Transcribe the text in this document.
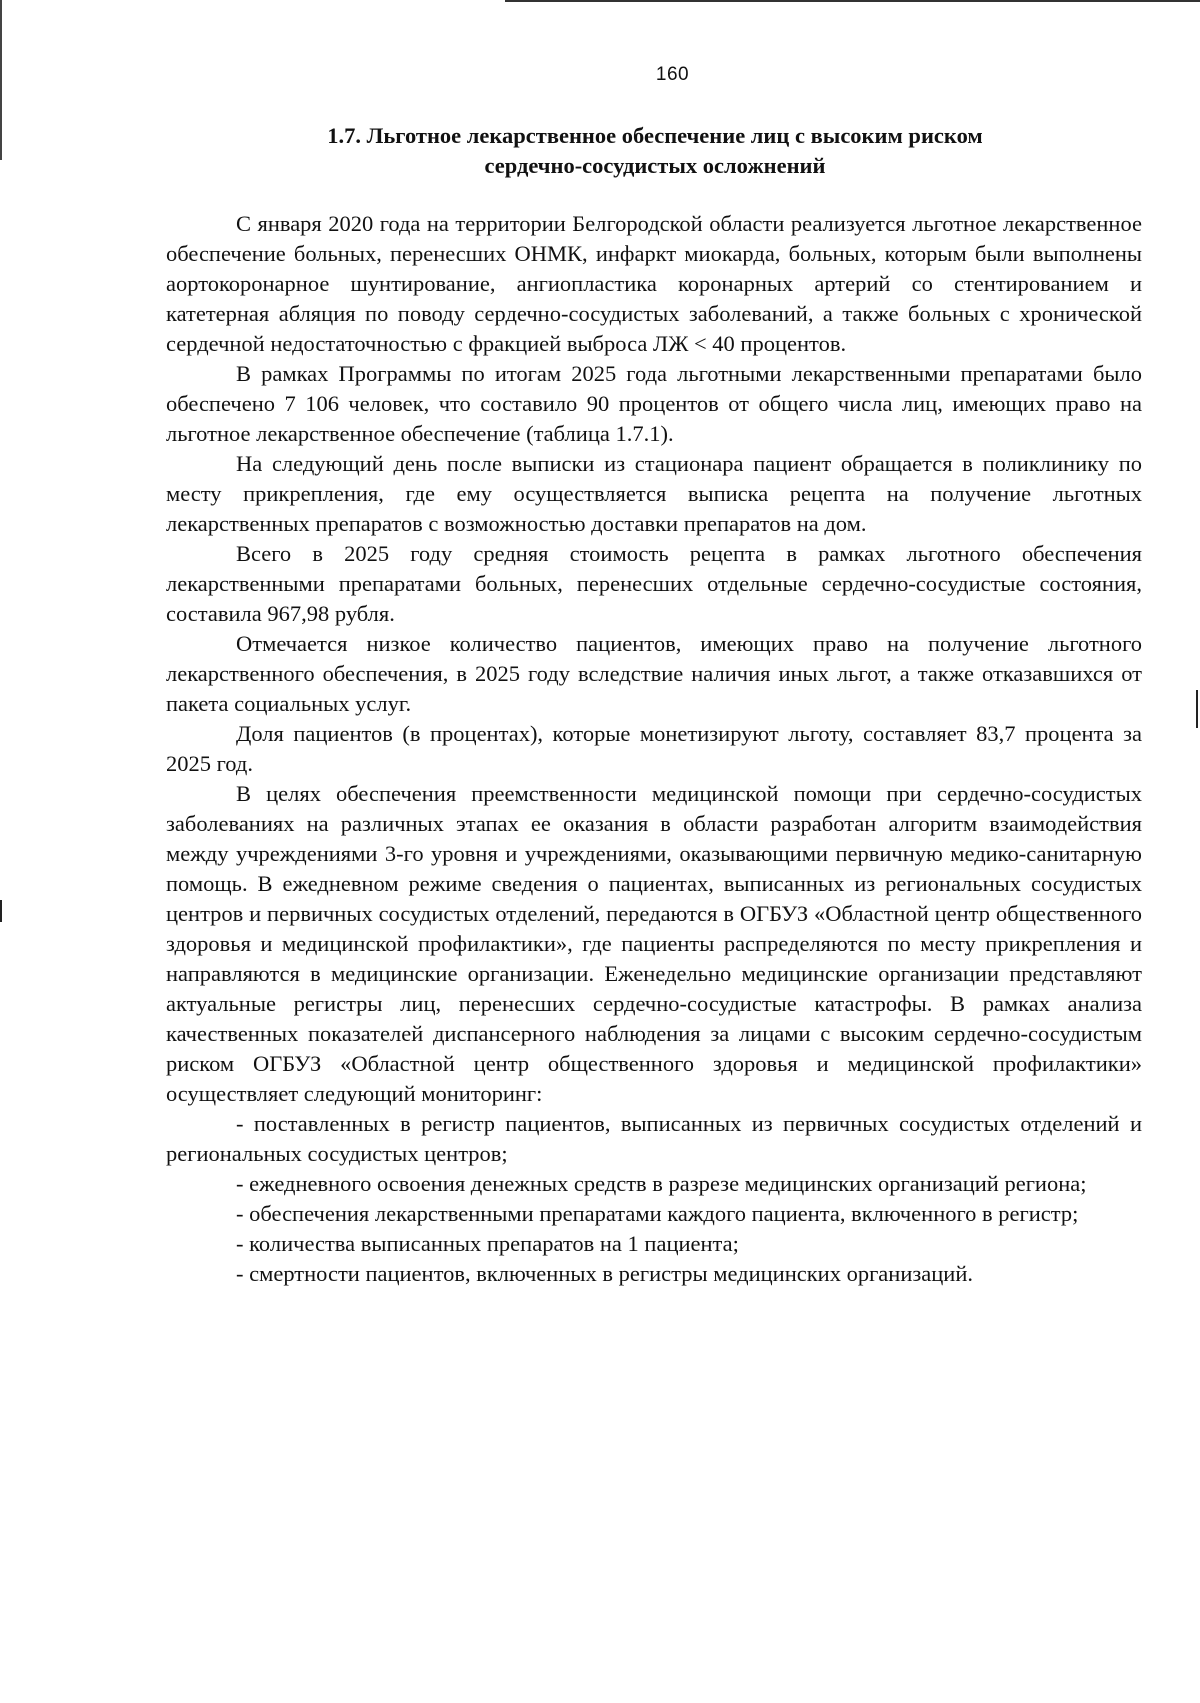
160
1.7. Льготное лекарственное обеспечение лиц с высоким риском
сердечно-сосудистых осложнений

С января 2020 года на территории Белгородской области реализуется льготное лекарственное обеспечение больных, перенесших ОНМК, инфаркт миокарда, больных, которым были выполнены аортокоронарное шунтирование, ангиопластика коронарных артерий со стентированием и катетерная абляция по поводу сердечно-сосудистых заболеваний, а также больных с хронической сердечной недостаточностью с фракцией выброса ЛЖ < 40 процентов.

В рамках Программы по итогам 2025 года льготными лекарственными препаратами было обеспечено 7 106 человек, что составило 90 процентов от общего числа лиц, имеющих право на льготное лекарственное обеспечение (таблица 1.7.1).

На следующий день после выписки из стационара пациент обращается в поликлинику по месту прикрепления, где ему осуществляется выписка рецепта на получение льготных лекарственных препаратов с возможностью доставки препаратов на дом.

Всего в 2025 году средняя стоимость рецепта в рамках льготного обеспечения лекарственными препаратами больных, перенесших отдельные сердечно-сосудистые состояния, составила 967,98 рубля.

Отмечается низкое количество пациентов, имеющих право на получение льготного лекарственного обеспечения, в 2025 году вследствие наличия иных льгот, а также отказавшихся от пакета социальных услуг.

Доля пациентов (в процентах), которые монетизируют льготу, составляет 83,7 процента за 2025 год.

В целях обеспечения преемственности медицинской помощи при сердечно-сосудистых заболеваниях на различных этапах ее оказания в области разработан алгоритм взаимодействия между учреждениями 3-го уровня и учреждениями, оказывающими первичную медико-санитарную помощь. В ежедневном режиме сведения о пациентах, выписанных из региональных сосудистых центров и первичных сосудистых отделений, передаются в ОГБУЗ «Областной центр общественного здоровья и медицинской профилактики», где пациенты распределяются по месту прикрепления и направляются в медицинские организации. Еженедельно медицинские организации представляют актуальные регистры лиц, перенесших сердечно-сосудистые катастрофы. В рамках анализа качественных показателей диспансерного наблюдения за лицами с высоким сердечно-сосудистым риском ОГБУЗ «Областной центр общественного здоровья и медицинской профилактики» осуществляет следующий мониторинг:

- поставленных в регистр пациентов, выписанных из первичных сосудистых отделений и региональных сосудистых центров;

- ежедневного освоения денежных средств в разрезе медицинских организаций региона;

- обеспечения лекарственными препаратами каждого пациента, включенного в регистр;

- количества выписанных препаратов на 1 пациента;

- смертности пациентов, включенных в регистры медицинских организаций.
